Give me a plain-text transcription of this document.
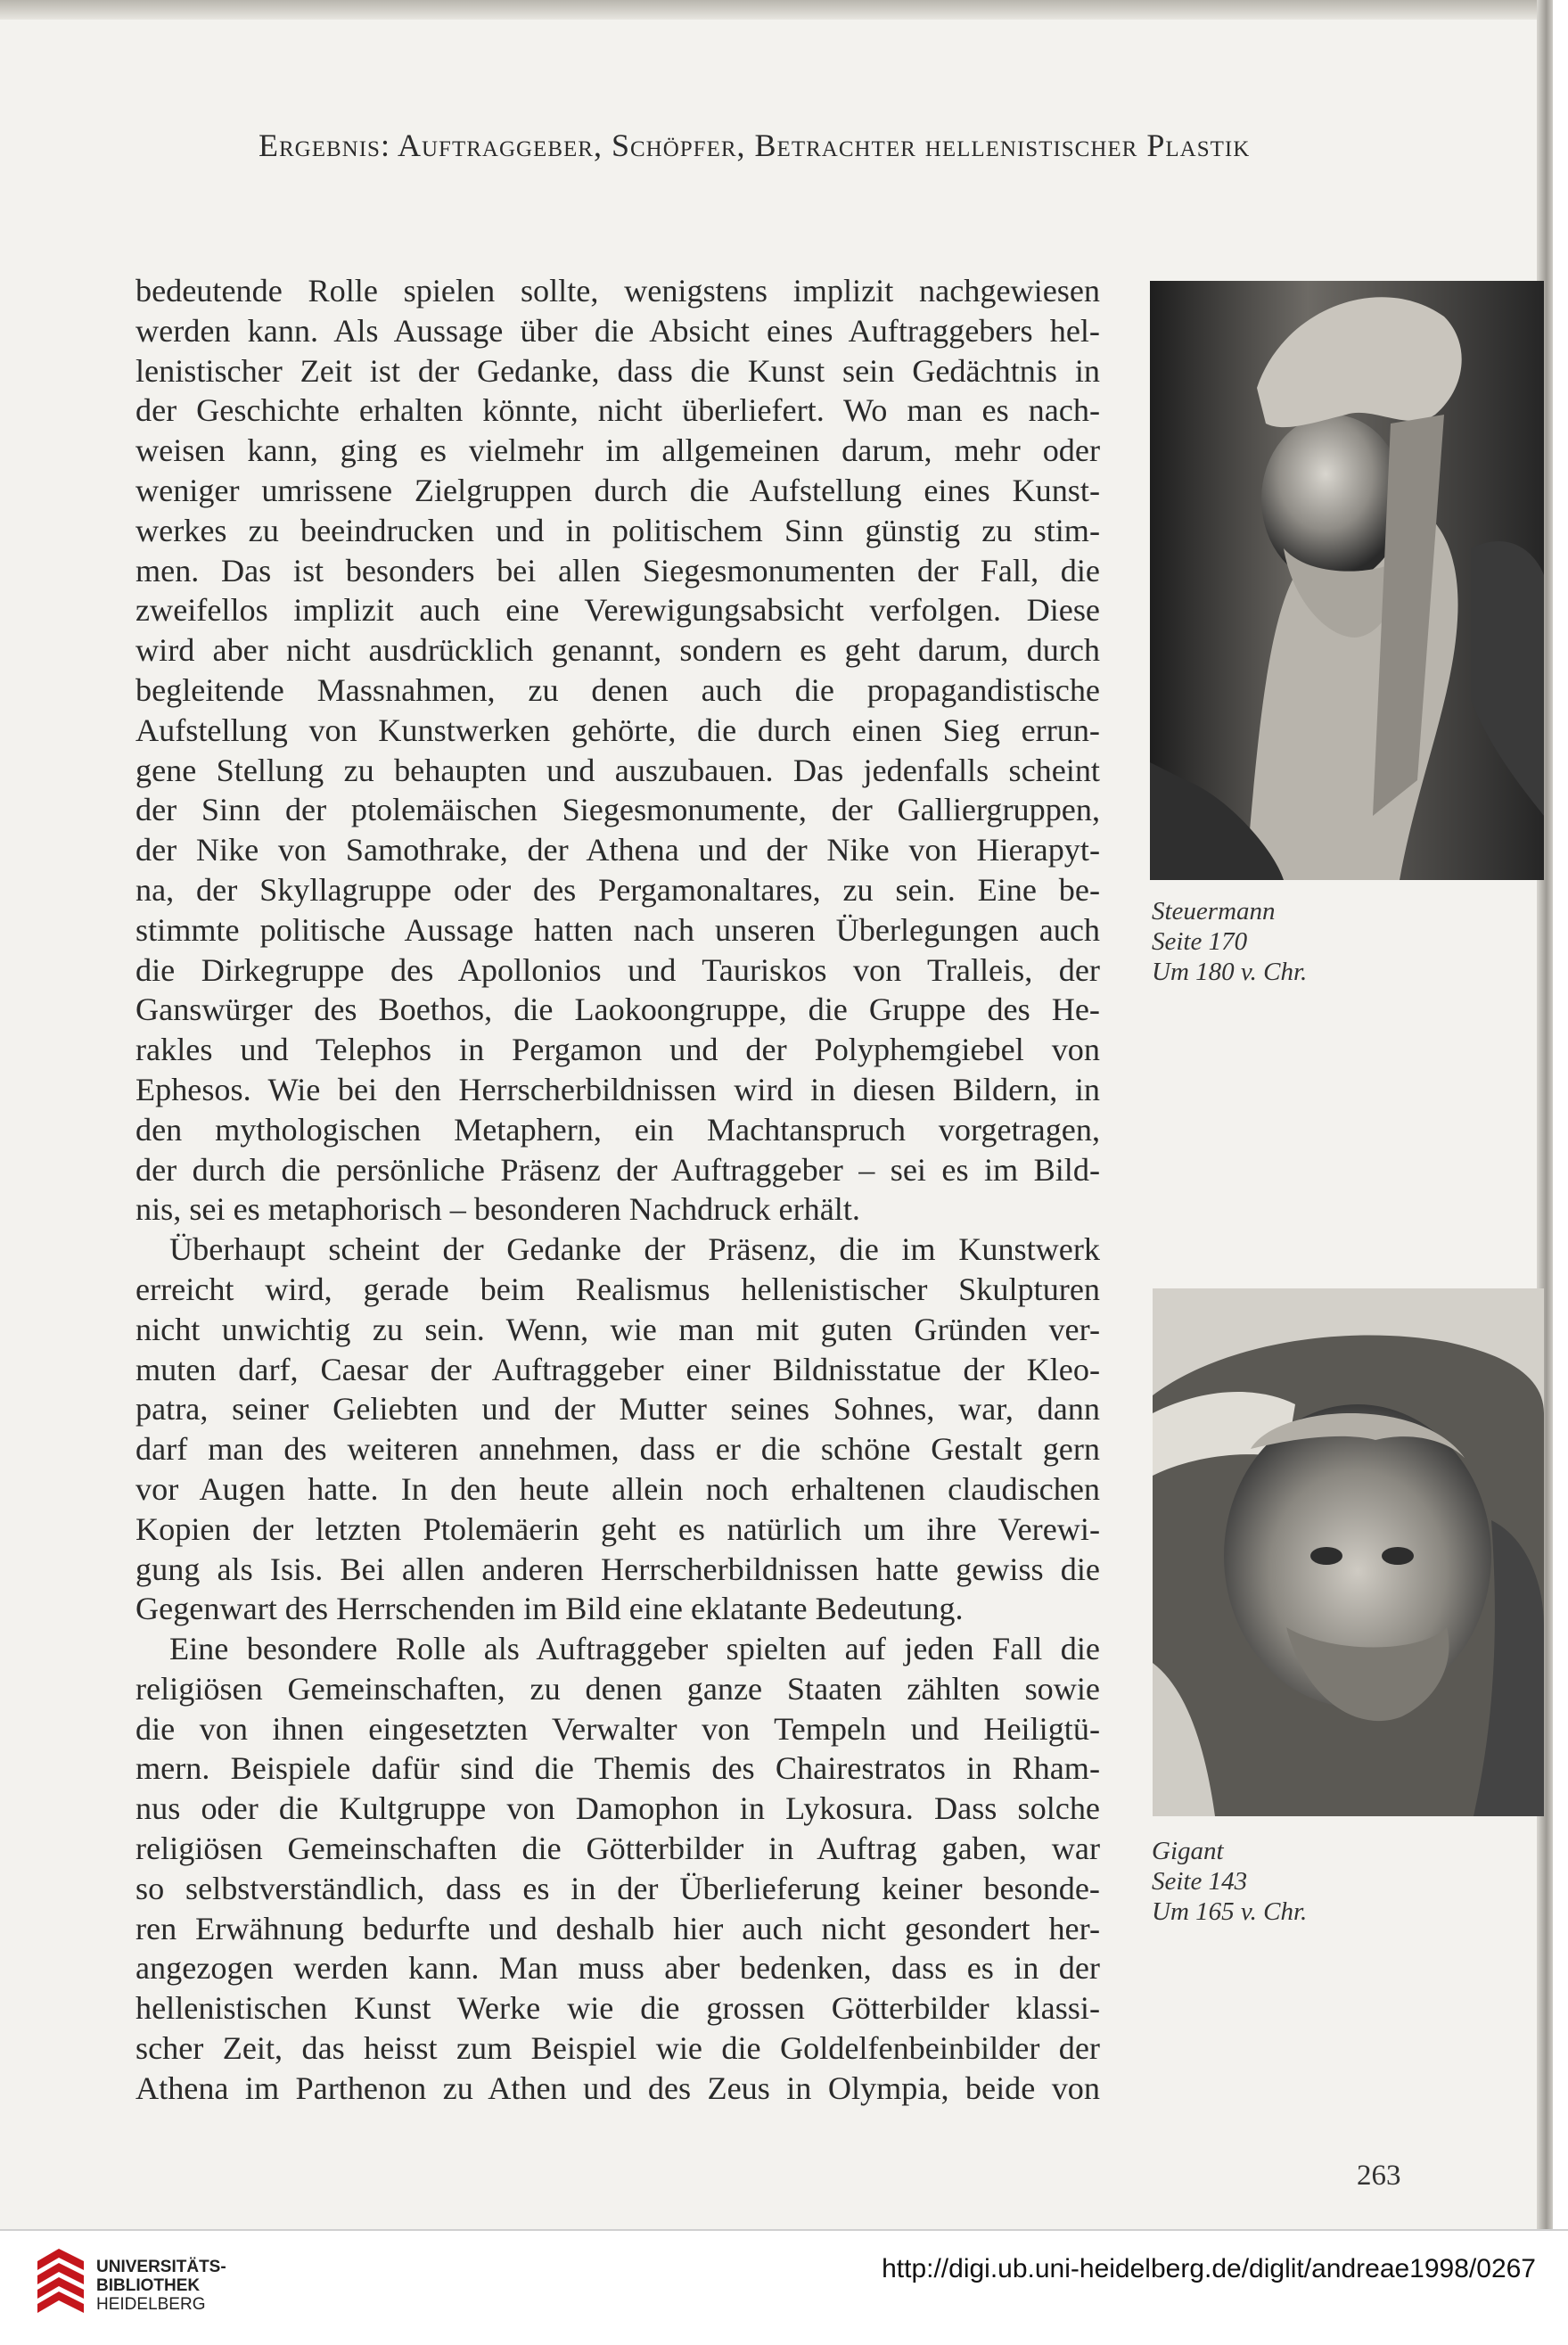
Ergebnis: Auftraggeber, Schöpfer, Betrachter hellenistischer Plastik
bedeutende Rolle spielen sollte, wenigstens implizit nachgewiesen
werden kann. Als Aussage über die Absicht eines Auftraggebers hel-
lenistischer Zeit ist der Gedanke, dass die Kunst sein Gedächtnis in
der Geschichte erhalten könnte, nicht überliefert. Wo man es nach-
weisen kann, ging es vielmehr im allgemeinen darum, mehr oder
weniger umrissene Zielgruppen durch die Aufstellung eines Kunst-
werkes zu beeindrucken und in politischem Sinn günstig zu stim-
men. Das ist besonders bei allen Siegesmonumenten der Fall, die
zweifellos implizit auch eine Verewigungsabsicht verfolgen. Diese
wird aber nicht ausdrücklich genannt, sondern es geht darum, durch
begleitende Massnahmen, zu denen auch die propagandistische
Aufstellung von Kunstwerken gehörte, die durch einen Sieg errun-
gene Stellung zu behaupten und auszubauen. Das jedenfalls scheint
der Sinn der ptolemäischen Siegesmonumente, der Galliergruppen,
der Nike von Samothrake, der Athena und der Nike von Hierapyt-
na, der Skyllagruppe oder des Pergamonaltares, zu sein. Eine be-
stimmte politische Aussage hatten nach unseren Überlegungen auch
die Dirkegruppe des Apollonios und Tauriskos von Tralleis, der
Ganswürger des Boethos, die Laokoongruppe, die Gruppe des He-
rakles und Telephos in Pergamon und der Polyphemgiebel von
Ephesos. Wie bei den Herrscherbildnissen wird in diesen Bildern, in
den mythologischen Metaphern, ein Machtanspruch vorgetragen,
der durch die persönliche Präsenz der Auftraggeber – sei es im Bild-
nis, sei es metaphorisch – besonderen Nachdruck erhält.
Überhaupt scheint der Gedanke der Präsenz, die im Kunstwerk
erreicht wird, gerade beim Realismus hellenistischer Skulpturen
nicht unwichtig zu sein. Wenn, wie man mit guten Gründen ver-
muten darf, Caesar der Auftraggeber einer Bildnisstatue der Kleo-
patra, seiner Geliebten und der Mutter seines Sohnes, war, dann
darf man des weiteren annehmen, dass er die schöne Gestalt gern
vor Augen hatte. In den heute allein noch erhaltenen claudischen
Kopien der letzten Ptolemäerin geht es natürlich um ihre Verewi-
gung als Isis. Bei allen anderen Herrscherbildnissen hatte gewiss die
Gegenwart des Herrschenden im Bild eine eklatante Bedeutung.
Eine besondere Rolle als Auftraggeber spielten auf jeden Fall die
religiösen Gemeinschaften, zu denen ganze Staaten zählten sowie
die von ihnen eingesetzten Verwalter von Tempeln und Heiligtü-
mern. Beispiele dafür sind die Themis des Chairestratos in Rham-
nus oder die Kultgruppe von Damophon in Lykosura. Dass solche
religiösen Gemeinschaften die Götterbilder in Auftrag gaben, war
so selbstverständlich, dass es in der Überlieferung keiner besonde-
ren Erwähnung bedurfte und deshalb hier auch nicht gesondert her-
angezogen werden kann. Man muss aber bedenken, dass es in der
hellenistischen Kunst Werke wie die grossen Götterbilder klassi-
scher Zeit, das heisst zum Beispiel wie die Goldelfenbeinbilder der
Athena im Parthenon zu Athen und des Zeus in Olympia, beide von
Steuermann
Seite 170
Um 180 v. Chr.
Gigant
Seite 143
Um 165 v. Chr.
263
UNIVERSITÄTS-
BIBLIOTHEK
HEIDELBERG
http://digi.ub.uni-heidelberg.de/diglit/andreae1998/0267
